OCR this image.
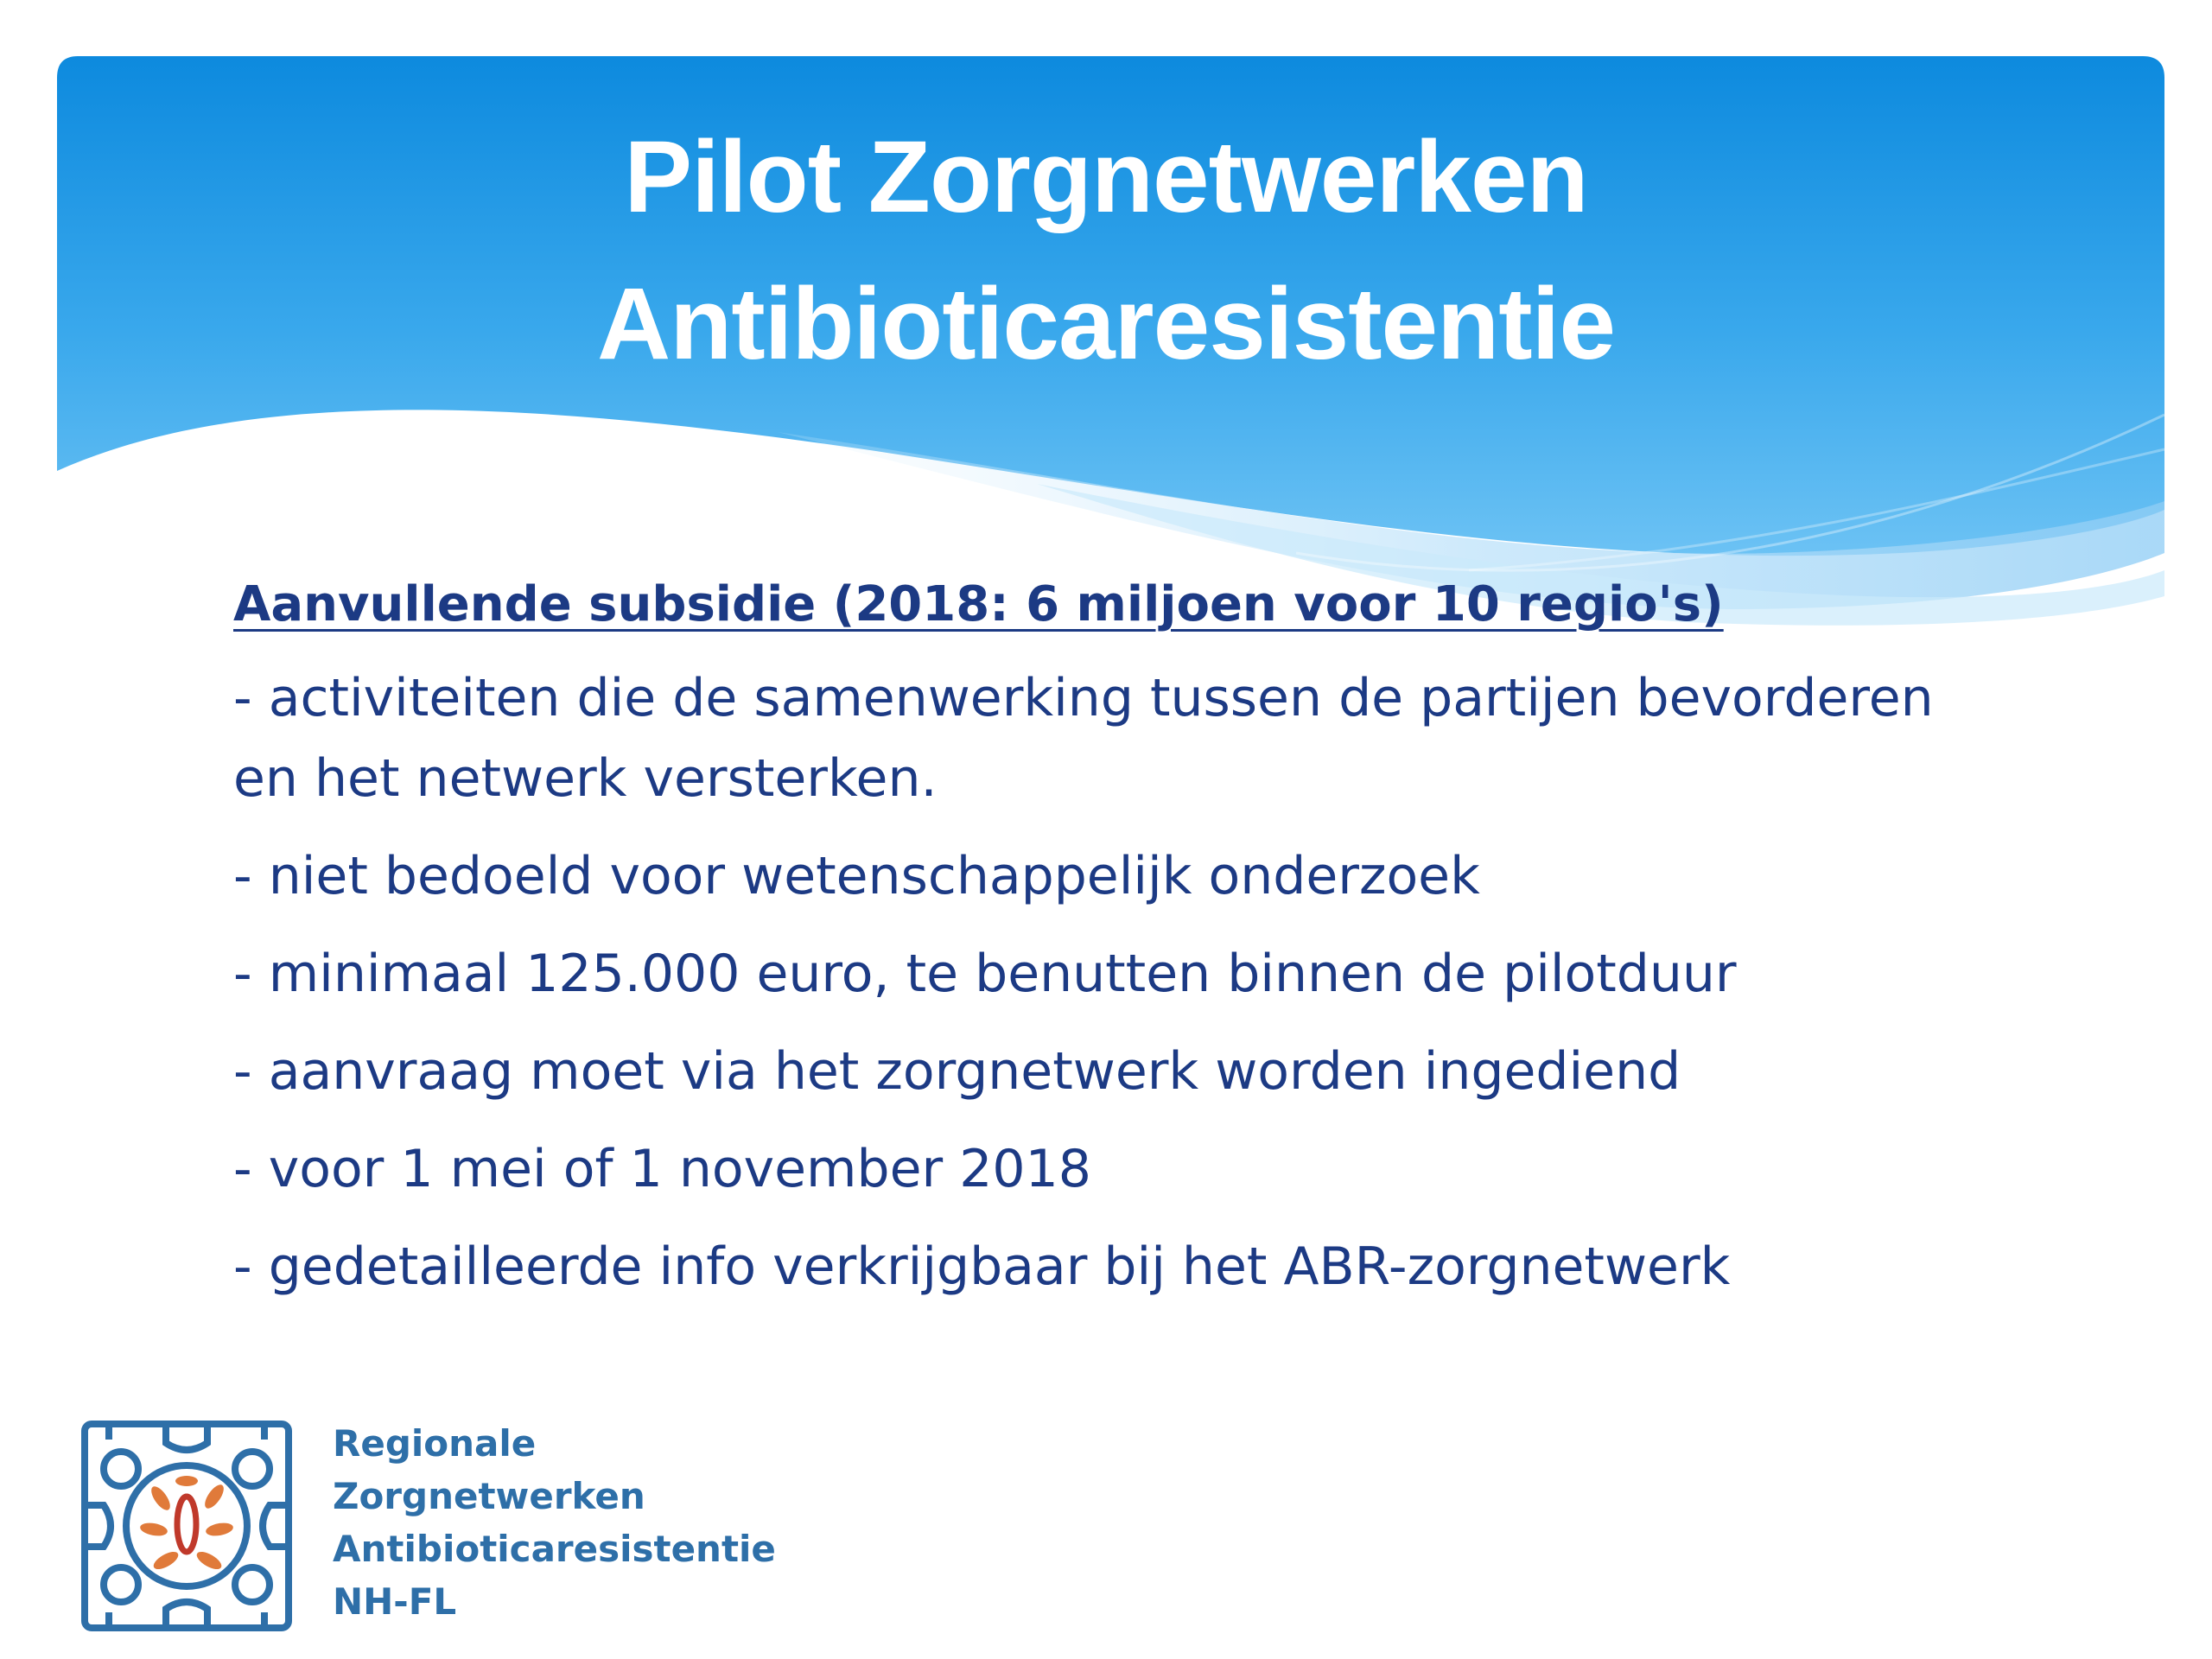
Pilot Zorgnetwerken
Antibioticaresistentie
Aanvullende subsidie (2018: 6 miljoen voor 10 regio's)
- activiteiten die de samenwerking tussen de partijen bevorderen en het netwerk versterken.
- niet bedoeld voor wetenschappelijk onderzoek
- minimaal 125.000 euro, te benutten binnen de pilotduur
- aanvraag moet via het zorgnetwerk worden ingediend
- voor 1 mei of 1 november 2018
- gedetailleerde info verkrijgbaar bij het ABR-zorgnetwerk
Regionale
Zorgnetwerken
Antibioticaresistentie
NH-FL
